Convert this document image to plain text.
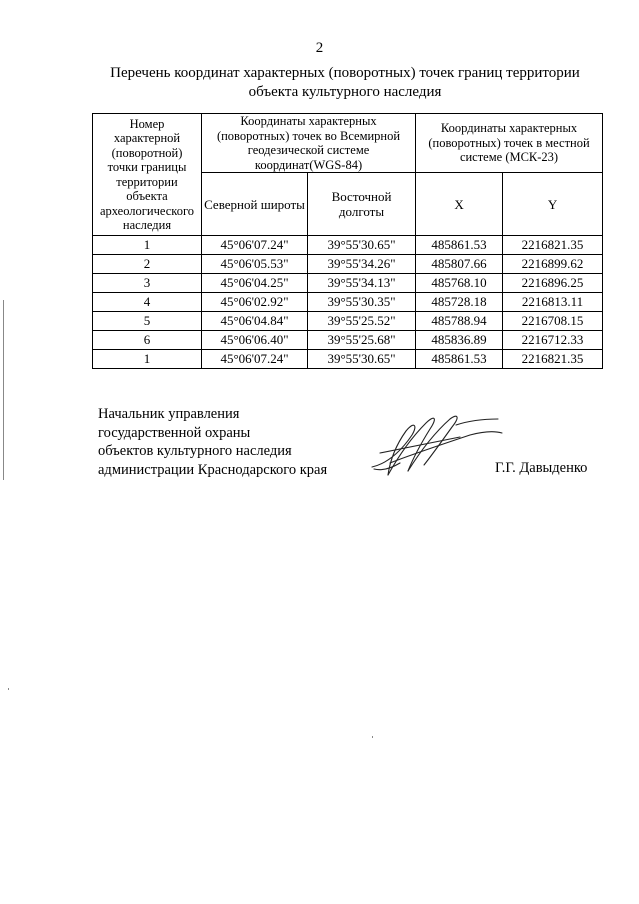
2
Перечень координат характерных (поворотных) точек границ территории
объекта культурного наследия
Номер характерной (поворотной) точки границы территории объекта археологического наследия	Координаты характерных (поворотных) точек во Всемирной геодезической системе координат(WGS-84)		Координаты характерных (поворотных) точек в местной системе (МСК-23)	
	Северной широты	Восточной долготы	X	Y
1	45°06'07.24"	39°55'30.65"	485861.53	2216821.35
2	45°06'05.53"	39°55'34.26"	485807.66	2216899.62
3	45°06'04.25"	39°55'34.13"	485768.10	2216896.25
4	45°06'02.92"	39°55'30.35"	485728.18	2216813.11
5	45°06'04.84"	39°55'25.52"	485788.94	2216708.15
6	45°06'06.40"	39°55'25.68"	485836.89	2216712.33
1	45°06'07.24"	39°55'30.65"	485861.53	2216821.35
Начальник управления
государственной охраны
объектов культурного наследия
администрации Краснодарского края	Г.Г. Давыденко
